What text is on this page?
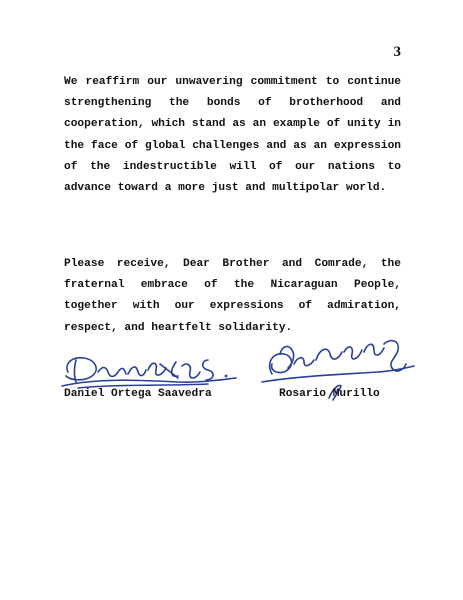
3

We reaffirm our unwavering commitment to continue strengthening the bonds of brotherhood and cooperation, which stand as an example of unity in the face of global challenges and as an expression of the indestructible will of our nations to advance toward a more just and multipolar world.

Please receive, Dear Brother and Comrade, the fraternal embrace of the Nicaraguan People, together with our expressions of admiration, respect, and heartfelt solidarity.

Daniel Ortega Saavedra	Rosario Murillo
